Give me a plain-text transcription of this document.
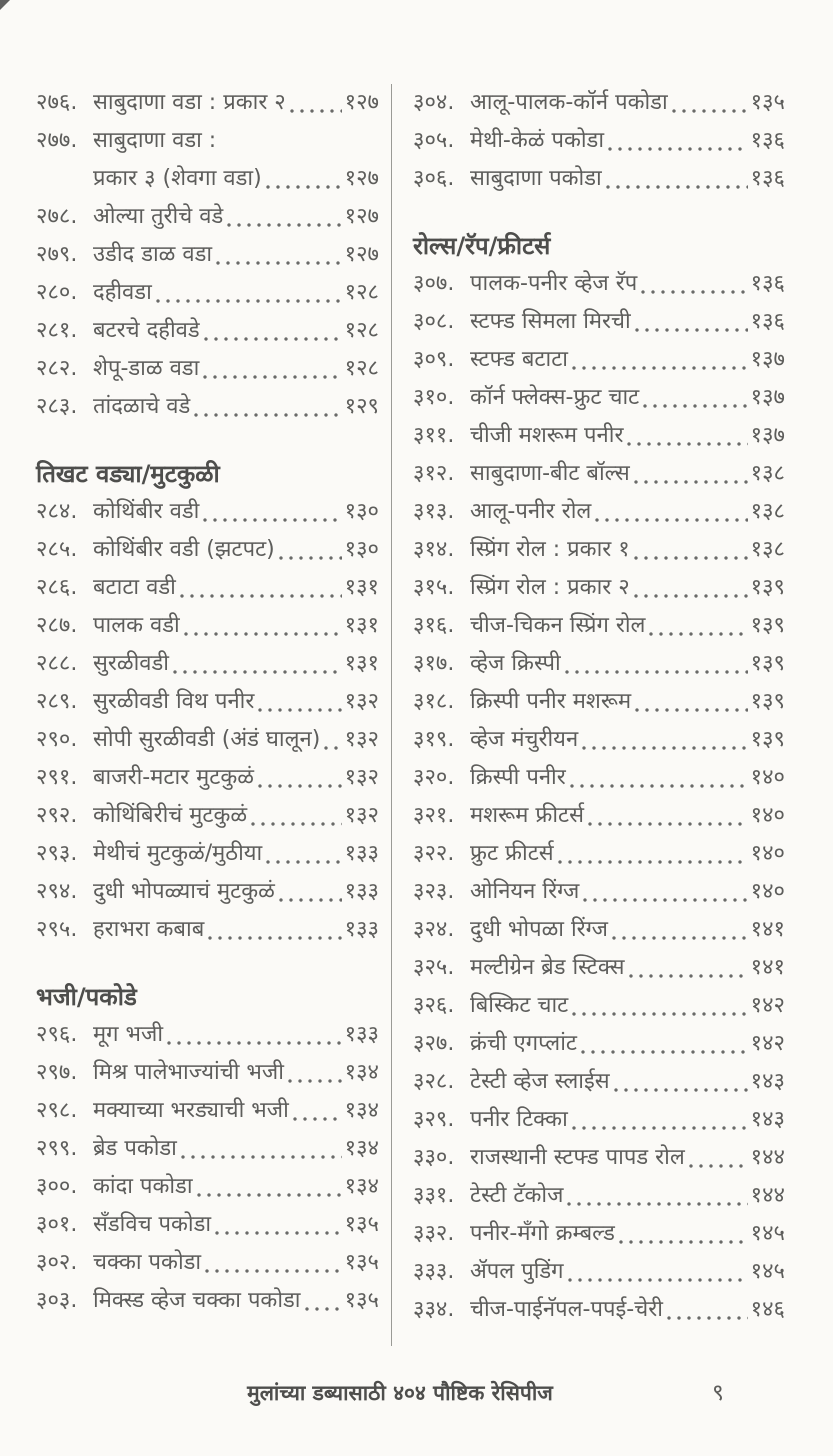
२७६. साबुदाणा वडा : प्रकार २	१२७
२७७. साबुदाणा वडा :
प्रकार ३ (शेवगा वडा)	१२७
२७८. ओल्या तुरीचे वडे	१२७
२७९. उडीद डाळ वडा	१२७
२८०. दहीवडा	१२८
२८१. बटरचे दहीवडे	१२८
२८२. शेपू-डाळ वडा	१२८
२८३. तांदळाचे वडे	१२९
तिखट वड्या/मुटकुळी
२८४. कोथिंबीर वडी	१३०
२८५. कोथिंबीर वडी (झटपट)	१३०
२८६. बटाटा वडी	१३१
२८७. पालक वडी	१३१
२८८. सुरळीवडी	१३१
२८९. सुरळीवडी विथ पनीर	१३२
२९०. सोपी सुरळीवडी (अंडं घालून) १३२
२९१. बाजरी-मटार मुटकुळं	१३२
२९२. कोथिंबिरीचं मुटकुळं	१३२
२९३. मेथीचं मुटकुळं/मुठीया	१३३
२९४. दुधी भोपळ्याचं मुटकुळं	१३३
२९५. हराभरा कबाब	१३३
भजी/पकोडे
२९६. मूग भजी	१३३
२९७. मिश्र पालेभाज्यांची भजी	१३४
२९८. मक्याच्या भरड्याची भजी	१३४
२९९. ब्रेड पकोडा	१३४
३००. कांदा पकोडा	१३४
३०१. सँडविच पकोडा	१३५
३०२. चक्का पकोडा	१३५
३०३. मिक्स्ड व्हेज चक्का पकोडा १३५
३०४. आलू-पालक-कॉर्न पकोडा	१३५
३०५. मेथी-केळं पकोडा	१३६
३०६. साबुदाणा पकोडा	१३६
रोल्स/रॅप/फ्रीटर्स
३०७. पालक-पनीर व्हेज रॅप	१३६
३०८. स्टफ्ड सिमला मिरची	१३६
३०९. स्टफ्ड बटाटा	१३७
३१०. कॉर्न फ्लेक्स-फ्रुट चाट	१३७
३११. चीजी मशरूम पनीर	१३७
३१२. साबुदाणा-बीट बॉल्स	१३८
३१३. आलू-पनीर रोल	१३८
३१४. स्प्रिंग रोल : प्रकार १	१३८
३१५. स्प्रिंग रोल : प्रकार २	१३९
३१६. चीज-चिकन स्प्रिंग रोल	१३९
३१७. व्हेज क्रिस्पी	१३९
३१८. क्रिस्पी पनीर मशरूम	१३९
३१९. व्हेज मंचुरीयन	१३९
३२०. क्रिस्पी पनीर	१४०
३२१. मशरूम फ्रीटर्स	१४०
३२२. फ्रुट फ्रीटर्स	१४०
३२३. ओनियन रिंग्ज	१४०
३२४. दुधी भोपळा रिंग्ज	१४१
३२५. मल्टीग्रेन ब्रेड स्टिक्स	१४१
३२६. बिस्किट चाट	१४२
३२७. क्रंची एगप्लांट	१४२
३२८. टेस्टी व्हेज स्लाईस	१४३
३२९. पनीर टिक्का	१४३
३३०. राजस्थानी स्टफ्ड पापड रोल	१४४
३३१. टेस्टी टॅकोज	१४४
३३२. पनीर-मँगो क्रम्बल्ड	१४५
३३३. ॲपल पुडिंग	१४५
३३४. चीज-पाईनॅपल-पपई-चेरी	१४६
मुलांच्या डब्यासाठी ४०४ पौष्टिक रेसिपीज	९
